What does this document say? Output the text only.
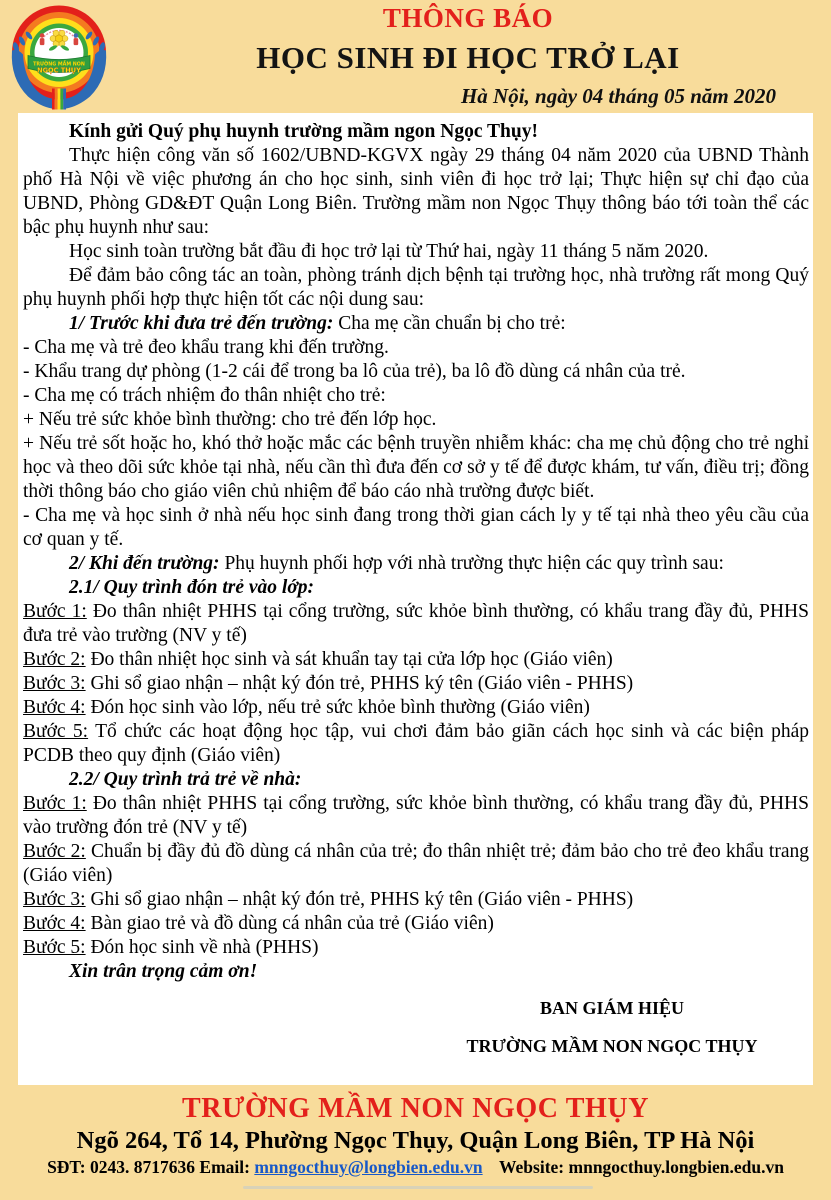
TRƯỜNG MẦM NON
NGỌC THỤY
THÔNG BÁO
HỌC SINH ĐI HỌC TRỞ LẠI
Hà Nội, ngày 04 tháng 05 năm 2020

Kính gửi Quý phụ huynh trường mầm ngon Ngọc Thụy!

Thực hiện công văn số 1602/UBND-KGVX ngày 29 tháng 04 năm 2020 của UBND Thành phố Hà Nội về việc phương án cho học sinh, sinh viên đi học trở lại; Thực hiện sự chỉ đạo của UBND, Phòng GD&ĐT Quận Long Biên. Trường mầm non Ngọc Thụy thông báo tới toàn thể các bậc phụ huynh như sau:

Học sinh toàn trường bắt đầu đi học trở lại từ Thứ hai, ngày 11 tháng 5 năm 2020.

Để đảm bảo công tác an toàn, phòng tránh dịch bệnh tại trường học, nhà trường rất mong Quý phụ huynh phối hợp thực hiện tốt các nội dung sau:

1/ Trước khi đưa trẻ đến trường: Cha mẹ cần chuẩn bị cho trẻ:

- Cha mẹ và trẻ đeo khẩu trang khi đến trường.

- Khẩu trang dự phòng (1-2 cái để trong ba lô của trẻ), ba lô đồ dùng cá nhân của trẻ.

- Cha mẹ có trách nhiệm đo thân nhiệt cho trẻ:

+ Nếu trẻ sức khỏe bình thường: cho trẻ đến lớp học.

+ Nếu trẻ sốt hoặc ho, khó thở hoặc mắc các bệnh truyền nhiễm khác: cha mẹ chủ động cho trẻ nghỉ học và theo dõi sức khỏe tại nhà, nếu cần thì đưa đến cơ sở y tế để được khám, tư vấn, điều trị; đồng thời thông báo cho giáo viên chủ nhiệm để báo cáo nhà trường được biết.

- Cha mẹ và học sinh ở nhà nếu học sinh đang trong thời gian cách ly y tế tại nhà theo yêu cầu của cơ quan y tế.

2/ Khi đến trường: Phụ huynh phối hợp với nhà trường thực hiện các quy trình sau:

2.1/ Quy trình đón trẻ vào lớp:

Bước 1: Đo thân nhiệt PHHS tại cổng trường, sức khỏe bình thường, có khẩu trang đầy đủ, PHHS đưa trẻ vào trường (NV y tế)

Bước 2: Đo thân nhiệt học sinh và sát khuẩn tay tại cửa lớp học (Giáo viên)

Bước 3: Ghi sổ giao nhận – nhật ký đón trẻ, PHHS ký tên (Giáo viên - PHHS)

Bước 4: Đón học sinh vào lớp, nếu trẻ sức khỏe bình thường (Giáo viên)

Bước 5: Tổ chức các hoạt động học tập, vui chơi đảm bảo giãn cách học sinh và các biện pháp PCDB theo quy định (Giáo viên)

2.2/ Quy trình trả trẻ về nhà:

Bước 1: Đo thân nhiệt PHHS tại cổng trường, sức khỏe bình thường, có khẩu trang đầy đủ, PHHS vào trường đón trẻ (NV y tế)

Bước 2: Chuẩn bị đầy đủ đồ dùng cá nhân của trẻ; đo thân nhiệt trẻ; đảm bảo cho trẻ đeo khẩu trang (Giáo viên)

Bước 3: Ghi sổ giao nhận – nhật ký đón trẻ, PHHS ký tên (Giáo viên - PHHS)

Bước 4: Bàn giao trẻ và đồ dùng cá nhân của trẻ (Giáo viên)

Bước 5: Đón học sinh về nhà (PHHS)

Xin trân trọng cảm ơn!

BAN GIÁM HIỆU
TRƯỜNG MẦM NON NGỌC THỤY
TRƯỜNG MẦM NON NGỌC THỤY
Ngõ 264, Tổ 14, Phường Ngọc Thụy, Quận Long Biên, TP Hà Nội
SĐT: 0243. 8717636 Email: mnngocthuy@longbien.edu.vn Website: mnngocthuy.longbien.edu.vn
